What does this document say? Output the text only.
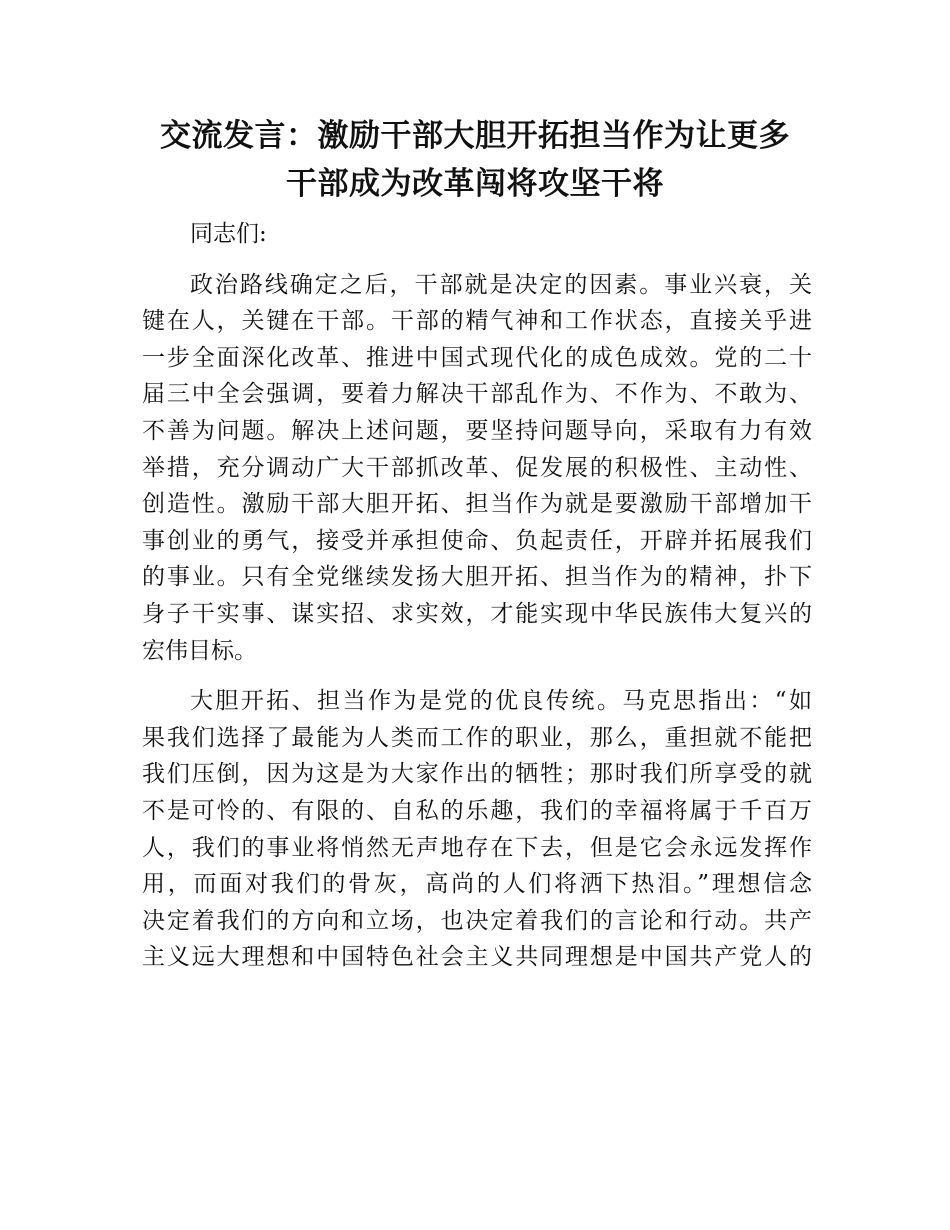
交流发言：激励干部大胆开拓担当作为让更多
干部成为改革闯将攻坚干将
同志们:
政治路线确定之后，干部就是决定的因素。事业兴衰，关
键在人，关键在干部。干部的精气神和工作状态，直接关乎进
一步全面深化改革、推进中国式现代化的成色成效。党的二十
届三中全会强调，要着力解决干部乱作为、不作为、不敢为、
不善为问题。解决上述问题，要坚持问题导向，采取有力有效
举措，充分调动广大干部抓改革、促发展的积极性、主动性、
创造性。激励干部大胆开拓、担当作为就是要激励干部增加干
事创业的勇气，接受并承担使命、负起责任，开辟并拓展我们
的事业。只有全党继续发扬大胆开拓、担当作为的精神，扑下
身子干实事、谋实招、求实效，才能实现中华民族伟大复兴的
宏伟目标。
大胆开拓、担当作为是党的优良传统。马克思指出：“如
果我们选择了最能为人类而工作的职业，那么，重担就不能把
我们压倒，因为这是为大家作出的牺牲；那时我们所享受的就
不是可怜的、有限的、自私的乐趣，我们的幸福将属于千百万
人，我们的事业将悄然无声地存在下去，但是它会永远发挥作
用，而面对我们的骨灰，高尚的人们将洒下热泪。”理想信念
决定着我们的方向和立场，也决定着我们的言论和行动。共产
主义远大理想和中国特色社会主义共同理想是中国共产党人的
